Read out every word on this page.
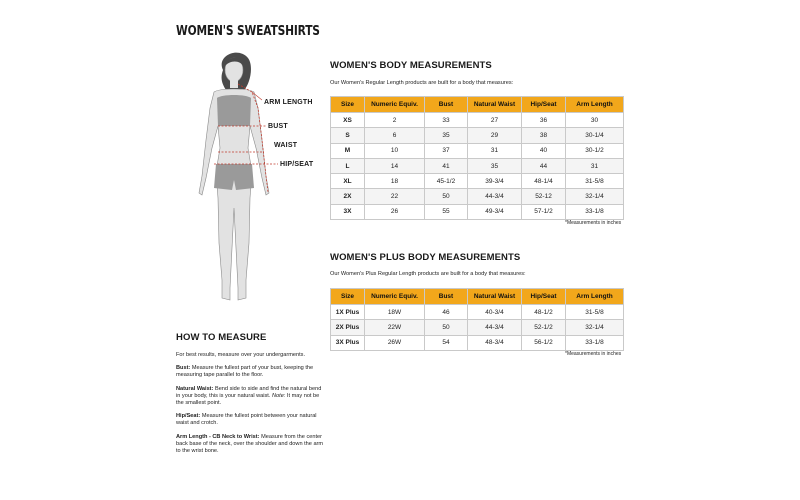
WOMEN'S SWEATSHIRTS
ARM LENGTH
BUST
WAIST
HIP/SEAT
HOW TO MEASURE

For best results, measure over your undergarments.

Bust: Measure the fullest part of your bust, keeping the measuring tape parallel to the floor.

Natural Waist: Bend side to side and find the natural bend in your body, this is your natural waist. Note: It may not be the smallest point.

Hip/Seat: Measure the fullest point between your natural waist and crotch.

Arm Length - CB Neck to Wrist: Measure from the center back base of the neck, over the shoulder and down the arm to the wrist bone.

WOMEN'S BODY MEASUREMENTS
Our Women's Regular Length products are built for a body that measures:
Size	Numeric Equiv.	Bust	Natural Waist	Hip/Seat	Arm Length
XS	2	33	27	36	30
S	6	35	29	38	30-1/4
M	10	37	31	40	30-1/2
L	14	41	35	44	31
XL	18	45-1/2	39-3/4	48-1/4	31-5/8
2X	22	50	44-3/4	52-12	32-1/4
3X	26	55	49-3/4	57-1/2	33-1/8
*Measurements in inches
WOMEN'S PLUS BODY MEASUREMENTS
Our Women's Plus Regular Length products are built for a body that measures:
Size	Numeric Equiv.	Bust	Natural Waist	Hip/Seat	Arm Length
1X Plus	18W	46	40-3/4	48-1/2	31-5/8
2X Plus	22W	50	44-3/4	52-1/2	32-1/4
3X Plus	26W	54	48-3/4	56-1/2	33-1/8
*Measurements in inches
